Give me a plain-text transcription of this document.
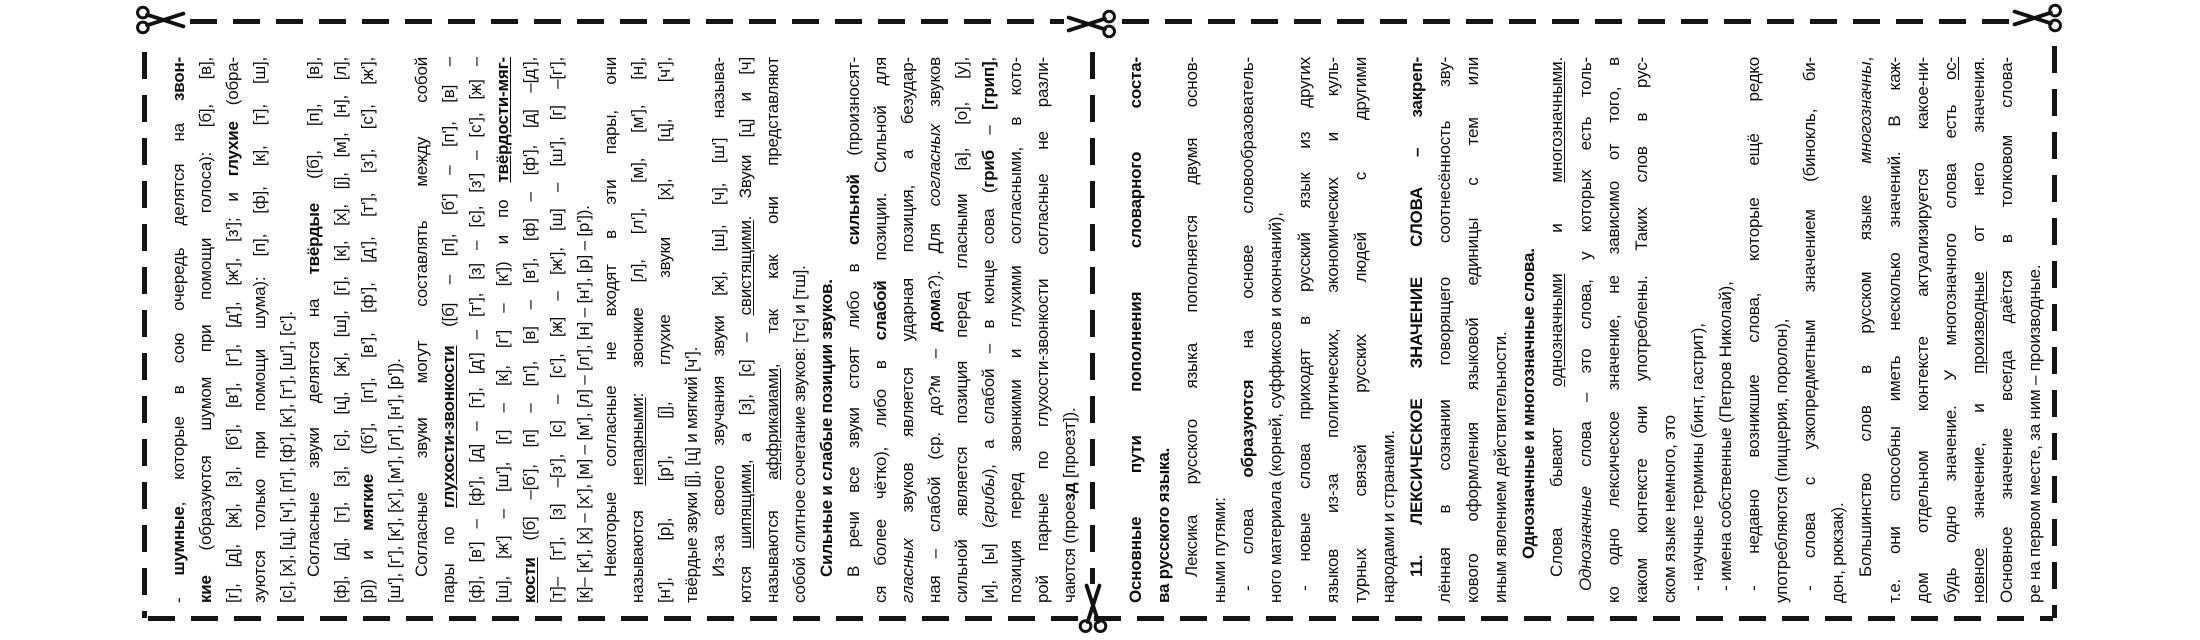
- шумные, которые в сою очередь делятся на звон-
кие (образуются шумом при помощи голоса): [б], [в], [г], [д], [ж], [з], [б'], [в'], [г'], [д'], [ж'], [з']; и глухие (обра- зуются только при помощи шума): [п], [ф], [к], [т], [ш], [с], [х], [ц], [ч'], [п'], [ф'], [к'], [т'], [ш'], [с']. Согласные звуки делятся на твёрдые ([б], [п], [в], [ф], [д], [т], [з], [с], [ц], [ж], [ш], [г], [к], [х], [j], [м], [н], [л], [р]) и мягкие ([б'], [п'], [в'], [ф'], [д'], [т'], [з'], [с'], [ж'],
[ш'], [г'], [к'], [х'], [м'], [л'], [н'], [р']). Согласные звуки могут составлять между собой пары по глухости-звонкости ([б] – [п], [б'] – [п'], [в] – [ф], [в'] – [ф'], [д] – [т], [д'] – [т'], [з] – [с], [з'] – [с'], [ж] – [ш], [ж'] – [ш'], [г] – [к], [г'] – [к']) и по твёрдости-мяг-
кости ([б] –[б'], [п] – [п'], [в] – [в'], [ф] – [ф'], [д] –[д'], [т]– [т'], [з] –[з'], [с] – [с'], [ж] – [ж'], [ш] – [ш'], [г] –[г'], [к]– [к'], [х] – [х'], [м] – [м'], [л] – [л'], [н] – [н'], [р] – [р']). Некоторые согласные не входят в эти пары, они называются непарными: звонкие [л], [л'], [м], [м'], [н], [н'], [р], [р'], [j], глухие звуки [х], [ц], [ч'], твёрдые звуки [j], [ц] и мягкий [ч']. Из-за своего звучания звуки [ж], [ш], [ч], [ш'] называ- ются шипящими, а [з], [с] – свистящими. Звуки [ц] и [ч]
называются аффрикаиами, так как они представляют
собой слитное сочетание звуков: [тс] и [тш]. Сильные и слабые позиции звуков. В речи все звуки стоят либо в сильной (произносят-
ся более чётко), либо в слабой позиции. Сильной для
гласных звуков является ударная позиция, а безудар- ная – слабой (ср. до?м – дома?). Для согласных звуков сильной является позиция перед гласными [а], [о], [у], [и], [ы] (грибы), а слабой – в конце сова (гриб – [грип], позиция перед звонкими и глухими согласными, в кото- рой парные по глухости-звонкости согласные не разли- чаются (проезд [проезт]).	Основные пути пополнения словарного соста- ва русского языка. Лексика русского языка пополняется двумя основ- ными путями: - слова образуются на основе словообразователь- ного материала (корней, суффиксов и окончаний), - новые слова приходят в русский язык из других языков из-за политических, экономических и куль- турных связей русских людей с другими народами и странами. 11. ЛЕКСИЧЕСКОЕ ЗНАЧЕНИЕ СЛОВА – закреп- лённая в сознании говорящего соотнесённость зву- кового оформления языковой единицы с тем или иным явлением действительности. Однозначные и многозначные слова. Слова бывают однозначными и многозначными.
Однозначные слова – это слова, у которых есть толь- ко одно лексическое значение, не зависимо от того, в каком контексте они употреблены. Таких слов в рус- ском языке немного, это - научные термины (бинт, гастрит), - имена собственные (Петров Николай), - недавно возникшие слова, которые ещё редко употребляются (пиццерия, поролон), - слова с узкопредметным значением (бинокль, би- дон, рюкзак). Большинство слов в русском языке многозначны, т.е. они способны иметь несколько значений. В каж- дом отдельном контексте актуализируется какое-ни- будь одно значение. У многозначного слова есть ос-
новное значение, и производные от него значения. Основное значение всегда даётся в толковом слова- ре на первом месте, за ним – производные.
